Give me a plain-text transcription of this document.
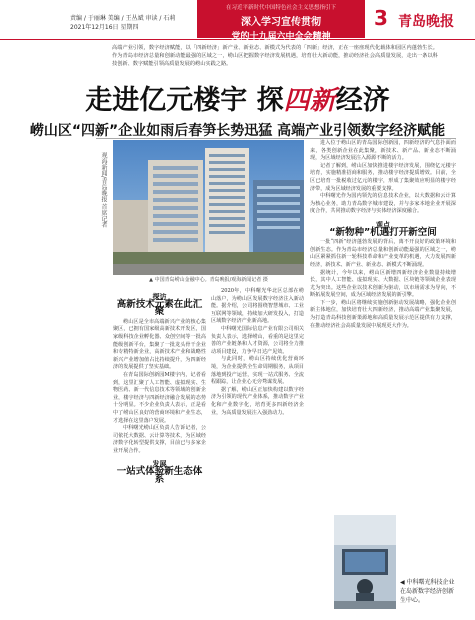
责编 / 于丽琳 美编 / 王丛斌 审读 / 石莉
2021年12月16日 星期四
在习近平新时代中国特色社会主义思想指引下
深入学习宣传贯彻
党的十九届六中全会精神
3 青岛晚报
高端产业引领，数字经济赋能，以「四新经济」新产业、新业态、新模式为代表的「四新」经济，正在一座座现代化载体和园区内蓬勃生长。作为青岛市经济总量和创新动能最强的区域之一，崂山区把握数字经济发展机遇，培育壮大新动能，推动经济社会高质量发展，走出一条以科技创新、数字赋能引领高质量发展的崂山实践之路。
走进亿元楼宇 探四新经济
崂山区“四新”企业如雨后春笋长势迅猛 高端产业引领数字经济赋能
观海新闻/青岛晚报 首席记者
▲ 中国青岛崂山金融中心。青岛晚报/观海新闻记者 摄
探访
高新技术元素在此汇聚

崂山区是全市高端新兴产业的核心集聚区，已拥有国家级高新技术开发区，国家级科技企业孵化器、众创空间等一批高能级创新平台，集聚了一批龙头骨干企业和专精特新企业，高新技术产业和战略性新兴产业增加值占比持续提升，为四新经济的发展提供了坚实基础。

在青岛国际创新园M楼宇内，记者看到，这里汇聚了人工智能、虚拟现实、生物医药、新一代信息技术等领域的创新企业，楼宇经济与四新经济融合发展的态势十分明显。不少企业负责人表示，正是看中了崂山区良好的营商环境和产业生态，才选择在这里落户发展。

中科曙光崂山区负责人告诉记者，公司依托大数据、云计算等技术，为区域经济数字化转型提供支撑，目前已与多家企业开展合作。

发展
一站式体验新生态体系

2020年，中科曙光华北区总部在崂山落户，为崂山区发展数字经济注入新动能。据介绍，公司将围绕智慧城市、工业互联网等领域，持续加大研发投入，打造区域数字经济产业新高地。

中科曙光国际信息产业有限公司相关负责人表示，选择崂山，看重的是这里完善的产业链条和人才资源，公司将全力推动项目建设，力争早日达产见效。

与此同时，崂山区持续优化营商环境，为企业提供全生命周期服务，从项目落地到投产运营，实现一站式服务、全流程跟踪，让企业心无旁骛谋发展。

据了解，崂山区正加快构建以数字经济为引领的现代产业体系，推动数字产业化和产业数字化，培育更多四新经济企业，为高质量发展注入强劲动力。

进入位于崂山区的青岛国际创新园，四新经济的气息扑面而来，各类创新企业在此集聚，新技术、新产品、新业态不断涌现，为区域经济发展注入源源不断的活力。

记者了解到，崂山区加快推进楼宇经济发展，围绕亿元楼宇培育，实施精准招商和服务，推动楼宇经济提质增效。目前，全区已培育一批税收过亿元的楼宇，形成了集聚效应明显的楼宇经济带，成为区域经济发展的重要支撑。

中科曙光作为国内领先的信息技术企业，以大数据和云计算为核心业务，助力青岛数字城市建设，并与多家本地企业开展深度合作，共同推动数字经济与实体经济深度融合。

观点
“新物种”机遇打开新空间

一批“四新”经济蓬勃发展的背后，离不开良好的政策环境和创新生态。作为青岛市经济总量和创新动能最强的区域之一，崂山区紧紧抓住新一轮科技革命和产业变革的机遇，大力发展四新经济，新技术、新产业、新业态、新模式不断涌现。

据统计，今年以来，崂山区新增四新经济企业数量持续增长，其中人工智能、虚拟现实、大数据、区块链等领域企业表现尤为突出。这些企业以技术创新为驱动，以市场需求为导向，不断拓展发展空间，成为区域经济发展的新引擎。

下一步，崂山区将继续实施创新驱动发展战略，强化企业创新主体地位，加快培育壮大四新经济，推动高端产业集聚发展，为打造青岛科技创新策源地和高质量发展示范区提供有力支撑，在推动经济社会高质量发展中展现更大作为。

◀ 中科曙光科技企业在岛新数字经济创新生中心。
